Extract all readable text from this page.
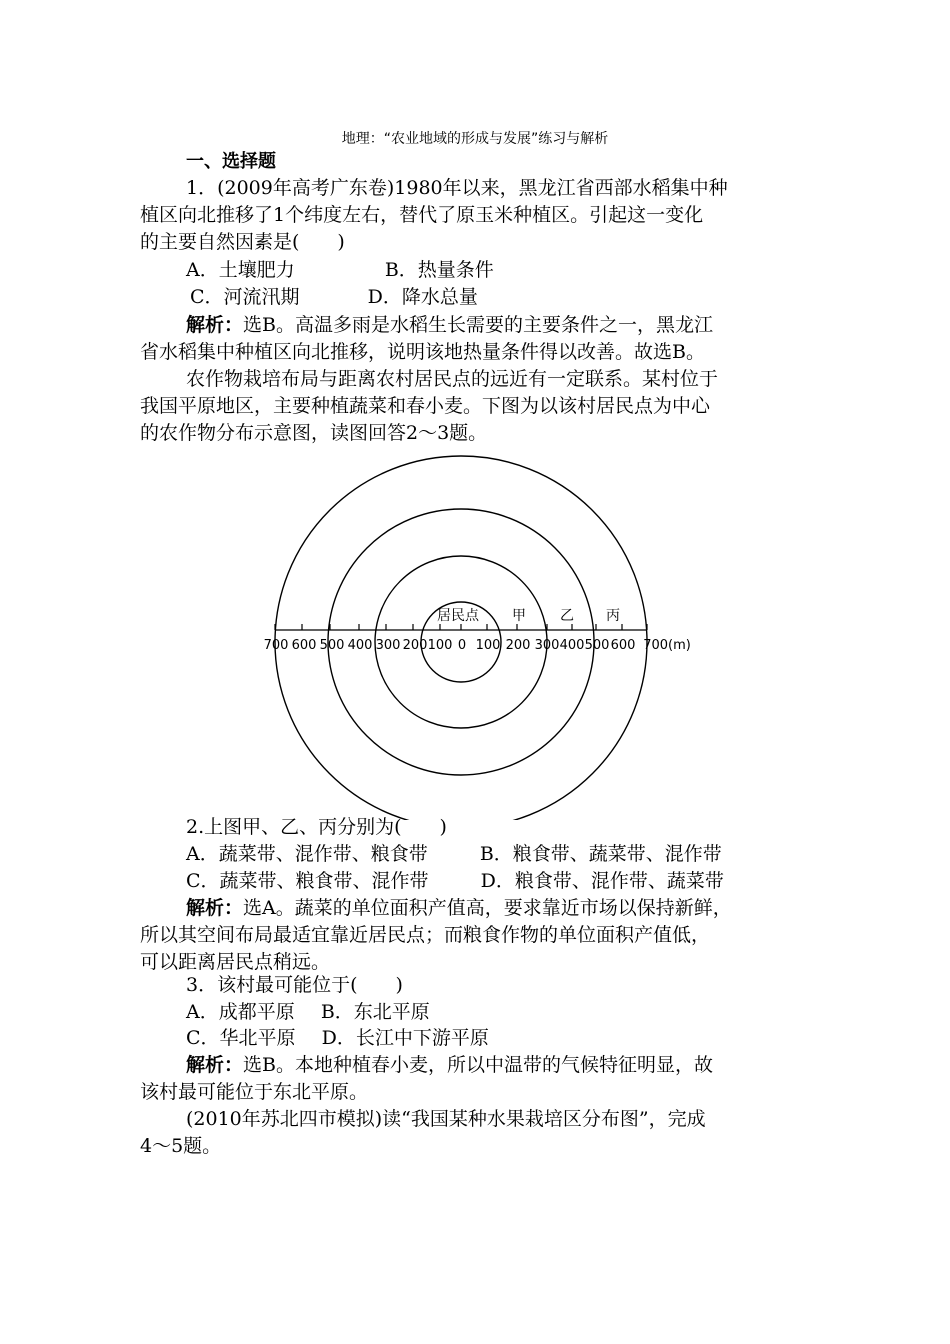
地理：“农业地域的形成与发展”练习与解析
一、选择题
1．(2009年高考广东卷)1980年以来，黑龙江省西部水稻集中种
植区向北推移了1个纬度左右，替代了原玉米种植区。引起这一变化
的主要自然因素是(　　)
A．土壤肥力	B．热量条件
C．河流汛期	D．降水总量
解析：选B。高温多雨是水稻生长需要的主要条件之一，黑龙江
省水稻集中种植区向北推移，说明该地热量条件得以改善。故选B。
农作物栽培布局与距离农村居民点的远近有一定联系。某村位于
我国平原地区，主要种植蔬菜和春小麦。下图为以该村居民点为中心
的农作物分布示意图，读图回答2～3题。
居民点 甲 乙 丙
700 600 500 400 300 200 100 0 100 200 300 400 500 600 700(m)
2.上图甲、乙、丙分别为(　　)
A．蔬菜带、混作带、粮食带	B．粮食带、蔬菜带、混作带
C．蔬菜带、粮食带、混作带	D．粮食带、混作带、蔬菜带
解析：选A。蔬菜的单位面积产值高，要求靠近市场以保持新鲜，
所以其空间布局最适宜靠近居民点；而粮食作物的单位面积产值低，
可以距离居民点稍远。
3．该村最可能位于(　　)
A．成都平原 B．东北平原
C．华北平原 D．长江中下游平原
解析：选B。本地种植春小麦，所以中温带的气候特征明显，故
该村最可能位于东北平原。
(2010年苏北四市模拟)读“我国某种水果栽培区分布图”，完成
4～5题。
